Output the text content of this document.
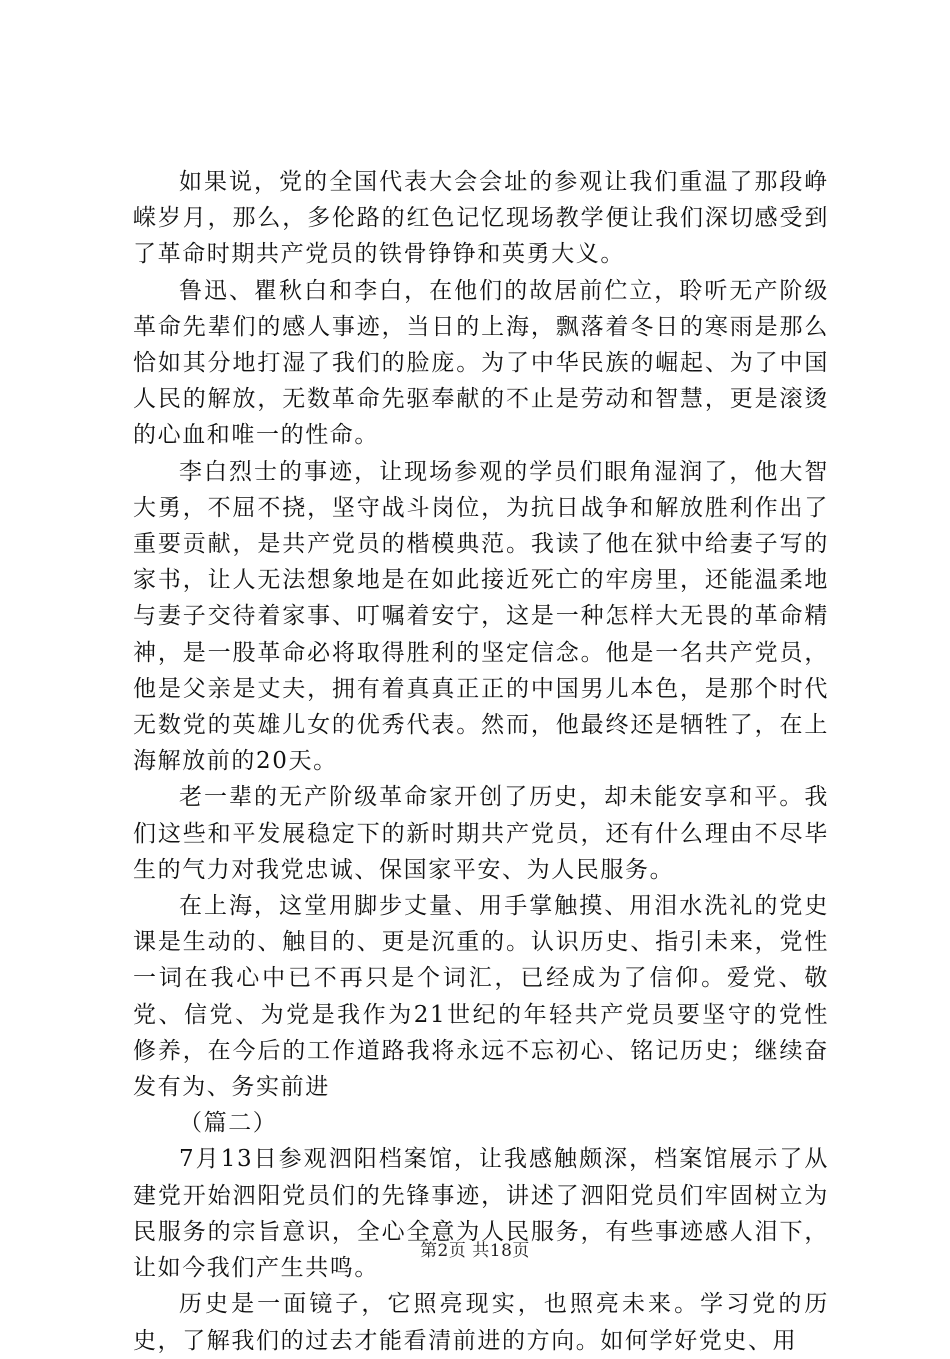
如果说，党的全国代表大会会址的参观让我们重温了那段峥嵘岁月，那么，多伦路的红色记忆现场教学便让我们深切感受到了革命时期共产党员的铁骨铮铮和英勇大义。

鲁迅、瞿秋白和李白，在他们的故居前伫立，聆听无产阶级革命先辈们的感人事迹，当日的上海，飘落着冬日的寒雨是那么恰如其分地打湿了我们的脸庞。为了中华民族的崛起、为了中国人民的解放，无数革命先驱奉献的不止是劳动和智慧，更是滚烫的心血和唯一的性命。

李白烈士的事迹，让现场参观的学员们眼角湿润了，他大智大勇，不屈不挠，坚守战斗岗位，为抗日战争和解放胜利作出了重要贡献，是共产党员的楷模典范。我读了他在狱中给妻子写的家书，让人无法想象地是在如此接近死亡的牢房里，还能温柔地与妻子交待着家事、叮嘱着安宁，这是一种怎样大无畏的革命精神，是一股革命必将取得胜利的坚定信念。他是一名共产党员，他是父亲是丈夫，拥有着真真正正的中国男儿本色，是那个时代无数党的英雄儿女的优秀代表。然而，他最终还是牺牲了，在上海解放前的20天。

老一辈的无产阶级革命家开创了历史，却未能安享和平。我们这些和平发展稳定下的新时期共产党员，还有什么理由不尽毕生的气力对我党忠诚、保国家平安、为人民服务。

在上海，这堂用脚步丈量、用手掌触摸、用泪水洗礼的党史课是生动的、触目的、更是沉重的。认识历史、指引未来，党性一词在我心中已不再只是个词汇，已经成为了信仰。爱党、敬党、信党、为党是我作为21世纪的年轻共产党员要坚守的党性修养，在今后的工作道路我将永远不忘初心、铭记历史；继续奋发有为、务实前进

（篇二）

7月13日参观泗阳档案馆，让我感触颇深，档案馆展示了从建党开始泗阳党员们的先锋事迹，讲述了泗阳党员们牢固树立为民服务的宗旨意识，全心全意为人民服务，有些事迹感人泪下，让如今我们产生共鸣。

历史是一面镜子，它照亮现实，也照亮未来。学习党的历史，了解我们的过去才能看清前进的方向。如何学好党史、用

第2页 共18页
